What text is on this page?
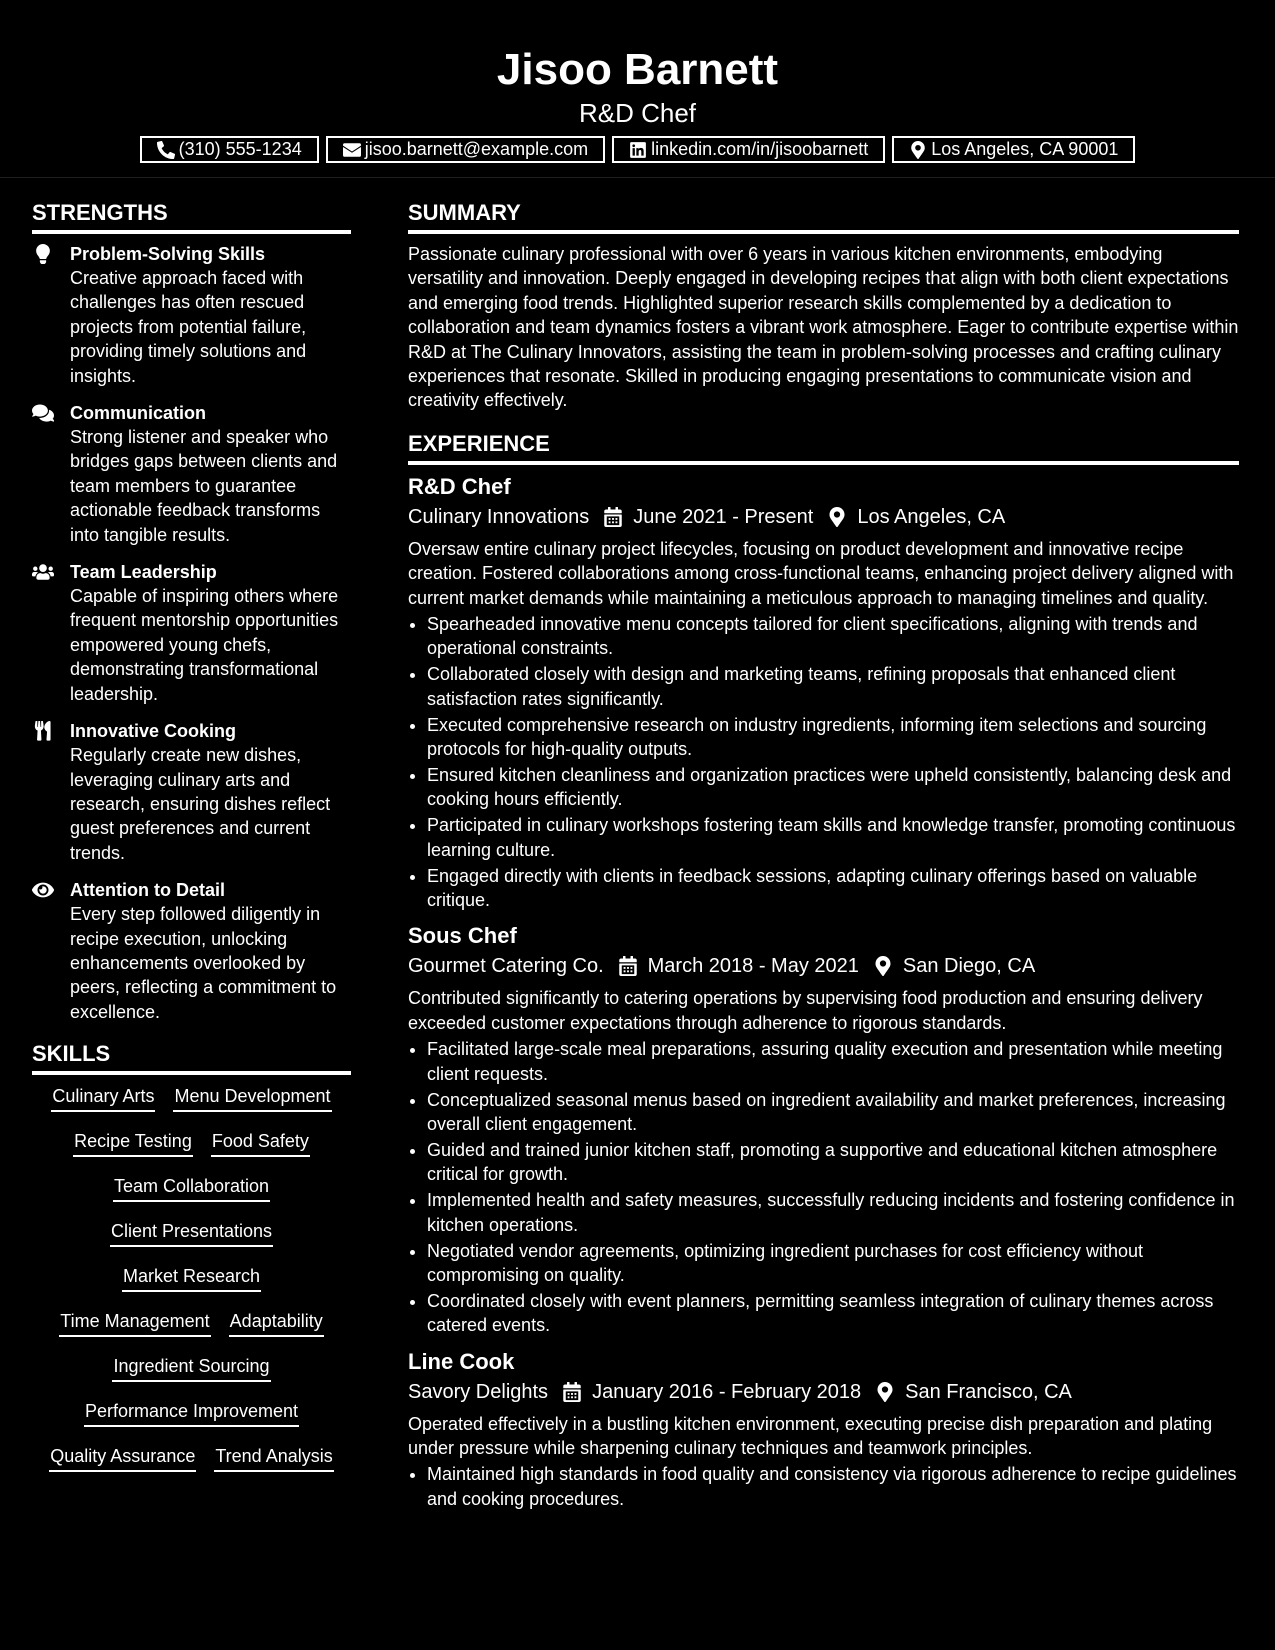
Jisoo Barnett
R&D Chef
(310) 555-1234	jisoo.barnett@example.com	linkedin.com/in/jisoobarnett	Los Angeles, CA 90001
STRENGTHS
Problem-Solving Skills
Creative approach faced with challenges has often rescued projects from potential failure, providing timely solutions and insights.
Communication
Strong listener and speaker who bridges gaps between clients and team members to guarantee actionable feedback transforms into tangible results.
Team Leadership
Capable of inspiring others where frequent mentorship opportunities empowered young chefs, demonstrating transformational leadership.
Innovative Cooking
Regularly create new dishes, leveraging culinary arts and research, ensuring dishes reflect guest preferences and current trends.
Attention to Detail
Every step followed diligently in recipe execution, unlocking enhancements overlooked by peers, reflecting a commitment to excellence.
SKILLS
Culinary Arts Menu Development
Recipe Testing Food Safety
Team Collaboration
Client Presentations
Market Research
Time Management Adaptability
Ingredient Sourcing
Performance Improvement
Quality Assurance Trend Analysis
SUMMARY

Passionate culinary professional with over 6 years in various kitchen environments, embodying versatility and innovation. Deeply engaged in developing recipes that align with both client expectations and emerging food trends. Highlighted superior research skills complemented by a dedication to collaboration and team dynamics fosters a vibrant work atmosphere. Eager to contribute expertise within R&D at The Culinary Innovators, assisting the team in problem-solving processes and crafting culinary experiences that resonate. Skilled in producing engaging presentations to communicate vision and creativity effectively.

EXPERIENCE
R&D Chef
Culinary Innovations June 2021 - Present Los Angeles, CA

Oversaw entire culinary project lifecycles, focusing on product development and innovative recipe creation. Fostered collaborations among cross-functional teams, enhancing project delivery aligned with current market demands while maintaining a meticulous approach to managing timelines and quality.

• Spearheaded innovative menu concepts tailored for client specifications, aligning with trends and operational constraints.
• Collaborated closely with design and marketing teams, refining proposals that enhanced client satisfaction rates significantly.
• Executed comprehensive research on industry ingredients, informing item selections and sourcing protocols for high-quality outputs.
• Ensured kitchen cleanliness and organization practices were upheld consistently, balancing desk and cooking hours efficiently.
• Participated in culinary workshops fostering team skills and knowledge transfer, promoting continuous learning culture.
• Engaged directly with clients in feedback sessions, adapting culinary offerings based on valuable critique.
Sous Chef
Gourmet Catering Co. March 2018 - May 2021 San Diego, CA

Contributed significantly to catering operations by supervising food production and ensuring delivery exceeded customer expectations through adherence to rigorous standards.

• Facilitated large-scale meal preparations, assuring quality execution and presentation while meeting client requests.
• Conceptualized seasonal menus based on ingredient availability and market preferences, increasing overall client engagement.
• Guided and trained junior kitchen staff, promoting a supportive and educational kitchen atmosphere critical for growth.
• Implemented health and safety measures, successfully reducing incidents and fostering confidence in kitchen operations.
• Negotiated vendor agreements, optimizing ingredient purchases for cost efficiency without compromising on quality.
• Coordinated closely with event planners, permitting seamless integration of culinary themes across catered events.
Line Cook
Savory Delights January 2016 - February 2018 San Francisco, CA

Operated effectively in a bustling kitchen environment, executing precise dish preparation and plating under pressure while sharpening culinary techniques and teamwork principles.

• Maintained high standards in food quality and consistency via rigorous adherence to recipe guidelines and cooking procedures.
